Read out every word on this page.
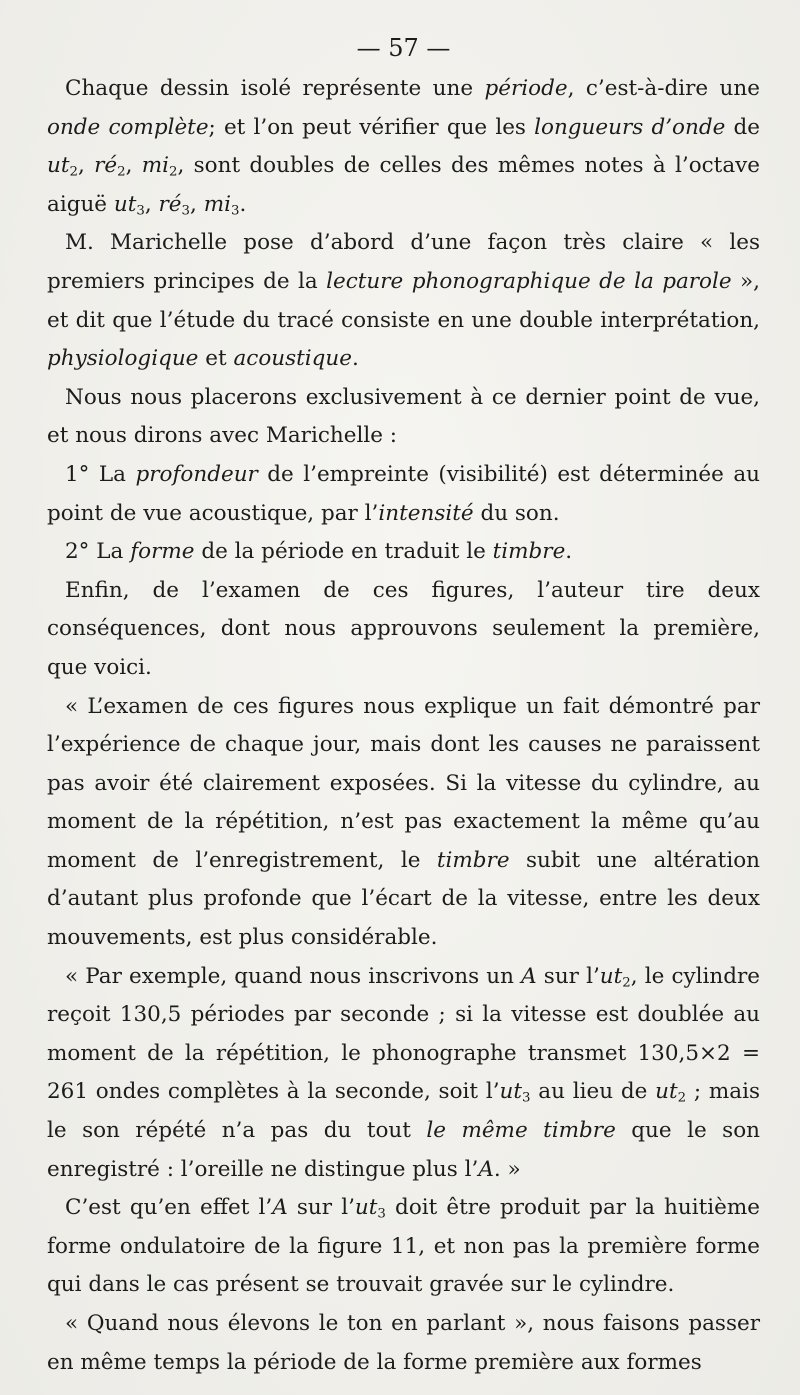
— 57 —

Chaque dessin isolé représente une période, c’est-à-dire une onde complète; et l’on peut vérifier que les longueurs d’onde de $ut_2$, $ré_2$, $mi_2$, sont doubles de celles des mêmes notes à l’octave aiguë $ut_3$, $ré_3$, $mi_3$.

M. Marichelle pose d’abord d’une façon très claire « les premiers principes de la lecture phonographique de la parole », et dit que l’étude du tracé consiste en une double interprétation, physiologique et acoustique.

Nous nous placerons exclusivement à ce dernier point de vue, et nous dirons avec Marichelle :

1° La profondeur de l’empreinte (visibilité) est déterminée au point de vue acoustique, par l’intensité du son.

2° La forme de la période en traduit le timbre.

Enfin, de l’examen de ces figures, l’auteur tire deux conséquences, dont nous approuvons seulement la première, que voici.

« L’examen de ces figures nous explique un fait démontré par l’expérience de chaque jour, mais dont les causes ne paraissent pas avoir été clairement exposées. Si la vitesse du cylindre, au moment de la répétition, n’est pas exactement la même qu’au moment de l’enregistrement, le timbre subit une altération d’autant plus profonde que l’écart de la vitesse, entre les deux mouvements, est plus considérable.

« Par exemple, quand nous inscrivons un A sur $l’ut_2$, le cylindre reçoit 130,5 périodes par seconde ; si la vitesse est doublée au moment de la répétition, le phonographe transmet 130,5×2 = 261 ondes complètes à la seconde, soit $l’ut_3$ au lieu de $ut_2$ ; mais le son répété n’a pas du tout le même timbre que le son enregistré : l’oreille ne distingue plus l’A. »

C’est qu’en effet l’A sur $l’ut_3$ doit être produit par la huitième forme ondulatoire de la figure 11, et non pas la première forme qui dans le cas présent se trouvait gravée sur le cylindre.

« Quand nous élevons le ton en parlant », nous faisons passer en même temps la période de la forme première aux formes
